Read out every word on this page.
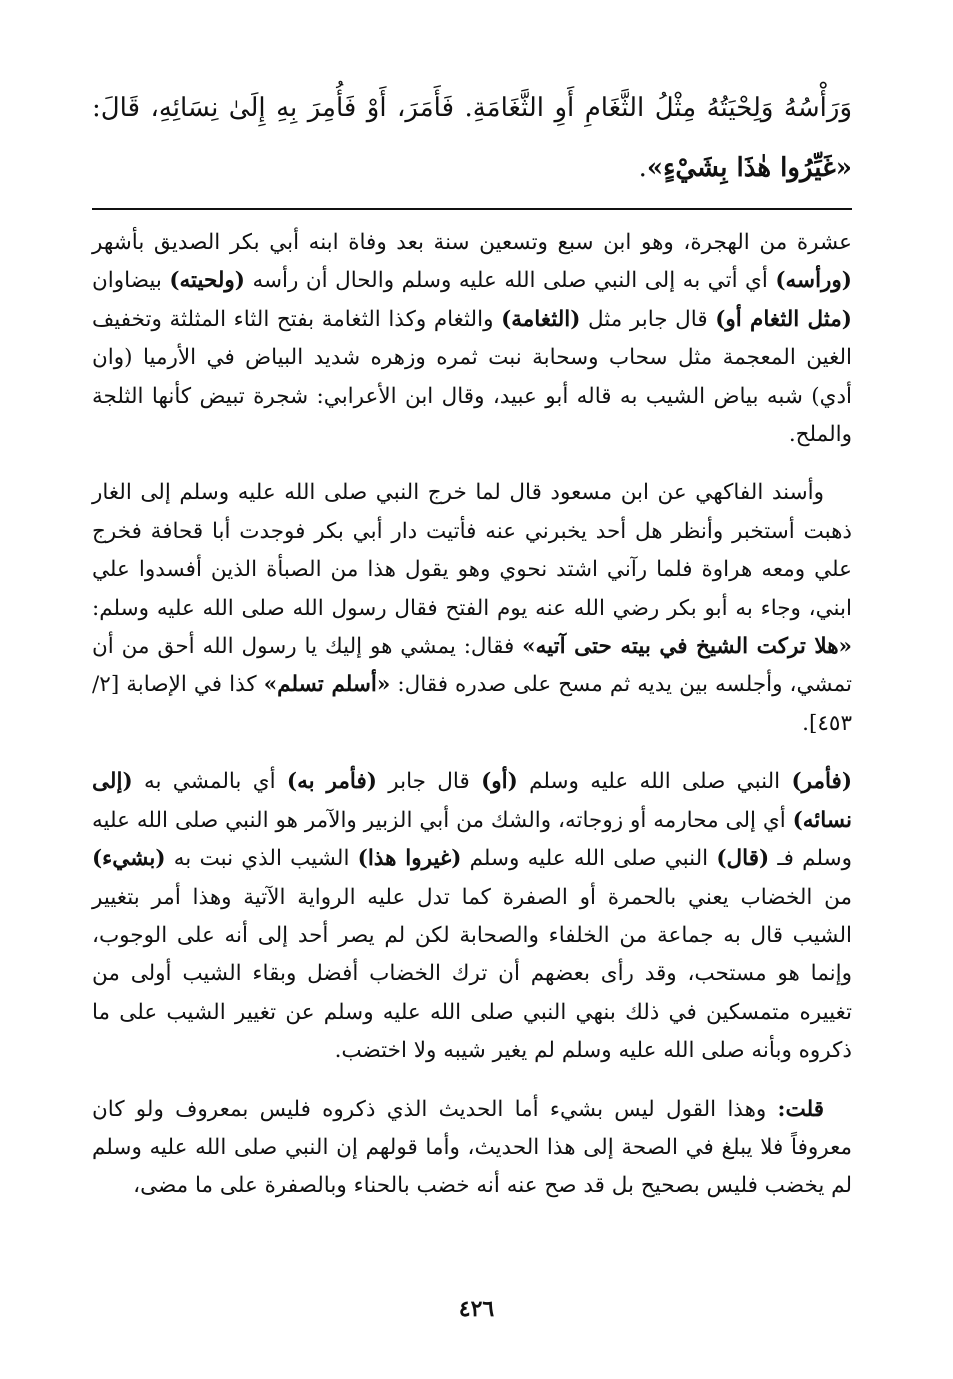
وَرَأْسُهُ وَلِحْيَتُهُ مِثْلُ الثَّغَامِ أَوِ الثَّغَامَةِ. فَأَمَرَ، أَوْ فَأُمِرَ بِهِ إِلَىٰ نِسَائِهِ، قَالَ: «غَيِّرُوا هٰذَا بِشَيْءٍ».

عشرة من الهجرة، وهو ابن سبع وتسعين سنة بعد وفاة ابنه أبي بكر الصديق بأشهر (ورأسه) أي أتي به إلى النبي صلى الله عليه وسلم والحال أن رأسه (ولحيته) بيضاوان (مثل الثغام أو) قال جابر مثل (الثغامة) والثغام وكذا الثغامة بفتح الثاء المثلثة وتخفيف الغين المعجمة مثل سحاب وسحابة نبت ثمره وزهره شديد البياض في الأرميا (وان أدي) شبه بياض الشيب به قاله أبو عبيد، وقال ابن الأعرابي: شجرة تبيض كأنها الثلجة والملح.

وأسند الفاكهي عن ابن مسعود قال لما خرج النبي صلى الله عليه وسلم إلى الغار ذهبت أستخبر وأنظر هل أحد يخبرني عنه فأتيت دار أبي بكر فوجدت أبا قحافة فخرج علي ومعه هراوة فلما رآني اشتد نحوي وهو يقول هذا من الصبأة الذين أفسدوا علي ابني، وجاء به أبو بكر رضي الله عنه يوم الفتح فقال رسول الله صلى الله عليه وسلم: «هلا تركت الشيخ في بيته حتى آتيه» فقال: يمشي هو إليك يا رسول الله أحق من أن تمشي، وأجلسه بين يديه ثم مسح على صدره فقال: «أسلم تسلم» كذا في الإصابة [٢/ ٤٥٣].

(فأمر) النبي صلى الله عليه وسلم (أو) قال جابر (فأمر به) أي بالمشي به (إلى نسائه) أي إلى محارمه أو زوجاته، والشك من أبي الزبير والآمر هو النبي صلى الله عليه وسلم فـ (قال) النبي صلى الله عليه وسلم (غيروا هذا) الشيب الذي نبت به (بشيء) من الخضاب يعني بالحمرة أو الصفرة كما تدل عليه الرواية الآتية وهذا أمر بتغيير الشيب قال به جماعة من الخلفاء والصحابة لكن لم يصر أحد إلى أنه على الوجوب، وإنما هو مستحب، وقد رأى بعضهم أن ترك الخضاب أفضل وبقاء الشيب أولى من تغييره متمسكين في ذلك بنهي النبي صلى الله عليه وسلم عن تغيير الشيب على ما ذكروه وبأنه صلى الله عليه وسلم لم يغير شيبه ولا اختضب.

قلت: وهذا القول ليس بشيء أما الحديث الذي ذكروه فليس بمعروف ولو كان معروفاً فلا يبلغ في الصحة إلى هذا الحديث، وأما قولهم إن النبي صلى الله عليه وسلم لم يخضب فليس بصحيح بل قد صح عنه أنه خضب بالحناء وبالصفرة على ما مضى،

٤٢٦
